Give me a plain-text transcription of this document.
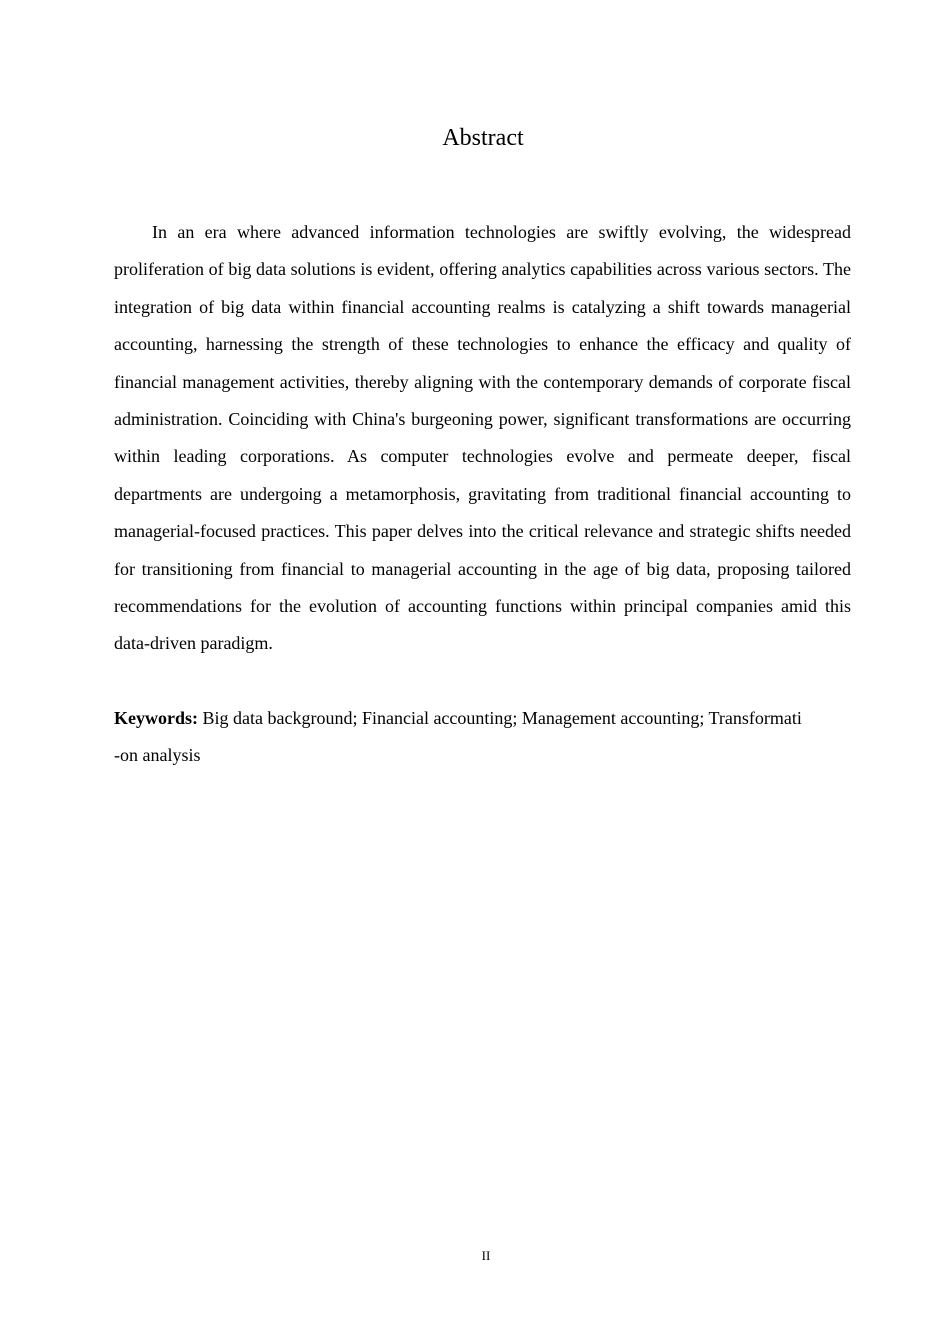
Abstract

In an era where advanced information technologies are swiftly evolving, the widespread proliferation of big data solutions is evident, offering analytics capabilities across various sectors. The integration of big data within financial accounting realms is catalyzing a shift towards managerial accounting, harnessing the strength of these technologies to enhance the efficacy and quality of financial management activities, thereby aligning with the contemporary demands of corporate fiscal administration. Coinciding with China's burgeoning power, significant transformations are occurring within leading corporations. As computer technologies evolve and permeate deeper, fiscal departments are undergoing a metamorphosis, gravitating from traditional financial accounting to managerial-focused practices. This paper delves into the critical relevance and strategic shifts needed for transitioning from financial to managerial accounting in the age of big data, proposing tailored recommendations for the evolution of accounting functions within principal companies amid this data-driven paradigm.

Keywords: Big data background; Financial accounting; Management accounting; Transformati
-on analysis

II
